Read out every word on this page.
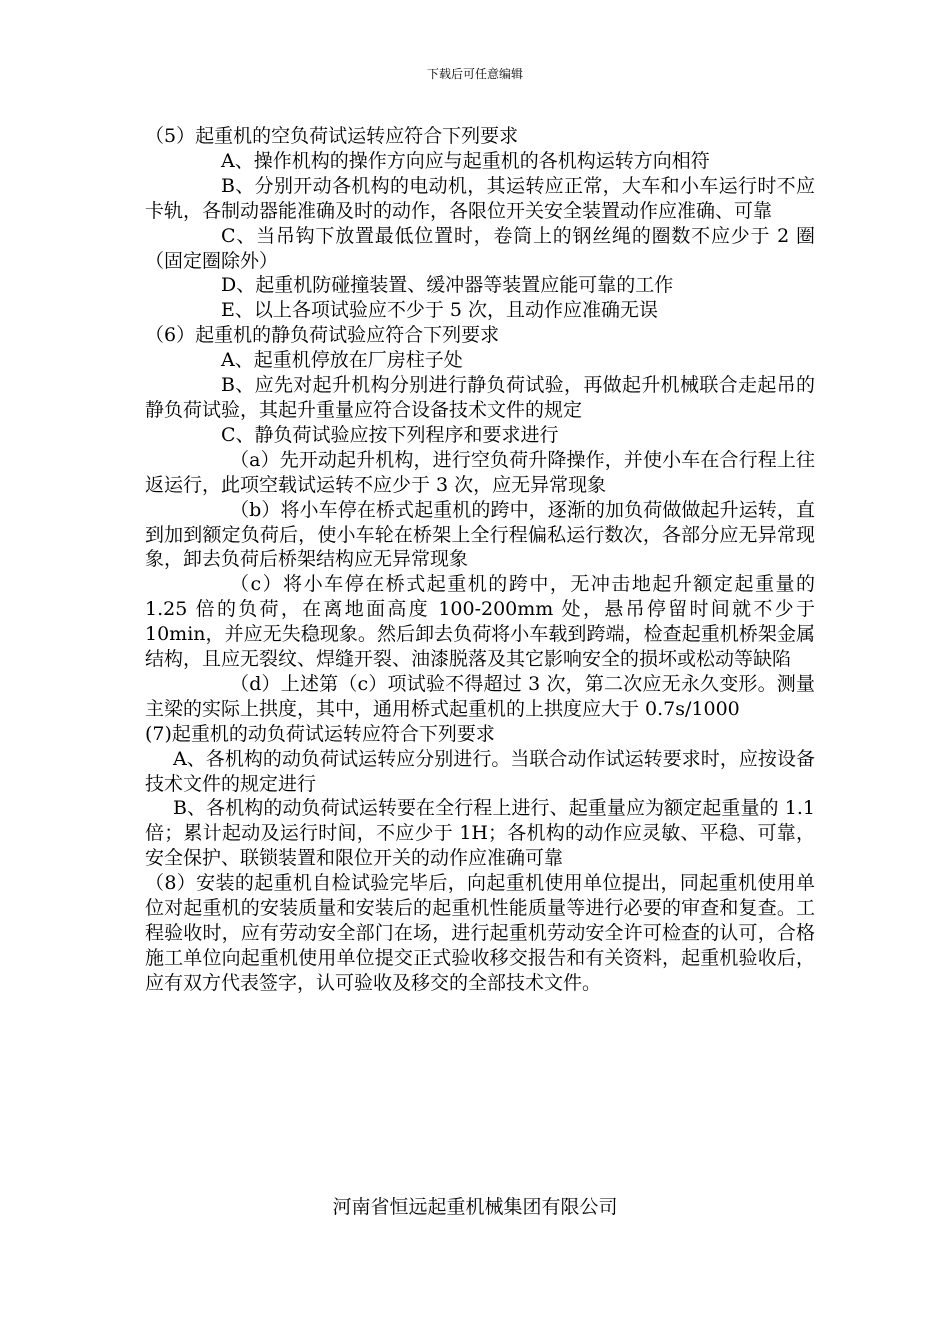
下载后可任意编辑

（5）起重机的空负荷试运转应符合下列要求

A、操作机构的操作方向应与起重机的各机构运转方向相符

B、分别开动各机构的电动机，其运转应正常，大车和小车运行时不应卡轨，各制动器能准确及时的动作，各限位开关安全装置动作应准确、可靠

C、当吊钩下放置最低位置时，卷筒上的钢丝绳的圈数不应少于 2 圈（固定圈除外）

D、起重机防碰撞装置、缓冲器等装置应能可靠的工作

E、以上各项试验应不少于 5 次，且动作应准确无误

（6）起重机的静负荷试验应符合下列要求

A、起重机停放在厂房柱子处

B、应先对起升机构分别进行静负荷试验，再做起升机械联合走起吊的静负荷试验，其起升重量应符合设备技术文件的规定

C、静负荷试验应按下列程序和要求进行

（a）先开动起升机构，进行空负荷升降操作，并使小车在合行程上往返运行，此项空载试运转不应少于 3 次，应无异常现象

（b）将小车停在桥式起重机的跨中，逐渐的加负荷做做起升运转，直到加到额定负荷后，使小车轮在桥架上全行程偏私运行数次，各部分应无异常现象，卸去负荷后桥架结构应无异常现象

（c）将小车停在桥式起重机的跨中，无冲击地起升额定起重量的 1.25 倍的负荷，在离地面高度 100-200mm 处，悬吊停留时间就不少于 10min，并应无失稳现象。然后卸去负荷将小车载到跨端，检查起重机桥架金属结构，且应无裂纹、焊缝开裂、油漆脱落及其它影响安全的损坏或松动等缺陷

（d）上述第（c）项试验不得超过 3 次，第二次应无永久变形。测量主梁的实际上拱度，其中，通用桥式起重机的上拱度应大于 0.7s/1000

(7)起重机的动负荷试运转应符合下列要求

A、各机构的动负荷试运转应分别进行。当联合动作试运转要求时，应按设备技术文件的规定进行

B、各机构的动负荷试运转要在全行程上进行、起重量应为额定起重量的 1.1 倍；累计起动及运行时间，不应少于 1H；各机构的动作应灵敏、平稳、可靠，安全保护、联锁装置和限位开关的动作应准确可靠

（8）安装的起重机自检试验完毕后，向起重机使用单位提出，同起重机使用单位对起重机的安装质量和安装后的起重机性能质量等进行必要的审查和复查。工程验收时，应有劳动安全部门在场，进行起重机劳动安全许可检查的认可，合格施工单位向起重机使用单位提交正式验收移交报告和有关资料，起重机验收后，应有双方代表签字，认可验收及移交的全部技术文件。

河南省恒远起重机械集团有限公司
